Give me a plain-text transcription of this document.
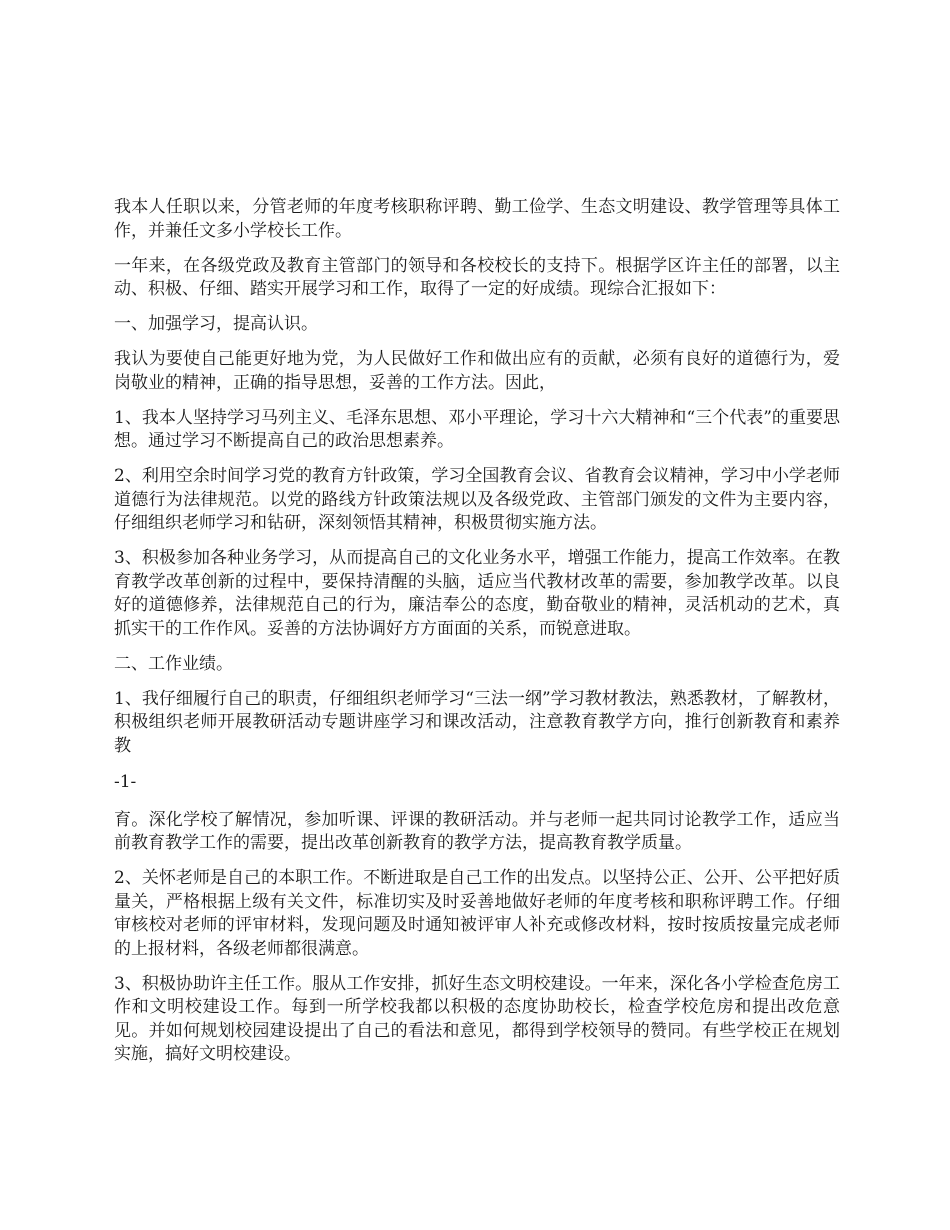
我本人任职以来，分管老师的年度考核职称评聘、勤工俭学、生态文明建设、教学管理等具体工作，并兼任文多小学校长工作。

一年来，在各级党政及教育主管部门的领导和各校校长的支持下。根据学区许主任的部署，以主动、积极、仔细、踏实开展学习和工作，取得了一定的好成绩。现综合汇报如下：

一、加强学习，提高认识。

我认为要使自己能更好地为党，为人民做好工作和做出应有的贡献，必须有良好的道德行为，爱岗敬业的精神，正确的指导思想，妥善的工作方法。因此，

1、我本人坚持学习马列主义、毛泽东思想、邓小平理论，学习十六大精神和“三个代表”的重要思想。通过学习不断提高自己的政治思想素养。

2、利用空余时间学习党的教育方针政策，学习全国教育会议、省教育会议精神，学习中小学老师道德行为法律规范。以党的路线方针政策法规以及各级党政、主管部门颁发的文件为主要内容，仔细组织老师学习和钻研，深刻领悟其精神，积极贯彻实施方法。

3、积极参加各种业务学习，从而提高自己的文化业务水平，增强工作能力，提高工作效率。在教育教学改革创新的过程中，要保持清醒的头脑，适应当代教材改革的需要，参加教学改革。以良好的道德修养，法律规范自己的行为，廉洁奉公的态度，勤奋敬业的精神，灵活机动的艺术，真抓实干的工作作风。妥善的方法协调好方方面面的关系，而锐意进取。

二、工作业绩。

1、我仔细履行自己的职责，仔细组织老师学习“三法一纲”学习教材教法，熟悉教材，了解教材，积极组织老师开展教研活动专题讲座学习和课改活动，注意教育教学方向，推行创新教育和素养教

-1-

育。深化学校了解情况，参加听课、评课的教研活动。并与老师一起共同讨论教学工作，适应当前教育教学工作的需要，提出改革创新教育的教学方法，提高教育教学质量。

2、关怀老师是自己的本职工作。不断进取是自己工作的出发点。以坚持公正、公开、公平把好质量关，严格根据上级有关文件，标准切实及时妥善地做好老师的年度考核和职称评聘工作。仔细审核校对老师的评审材料，发现问题及时通知被评审人补充或修改材料，按时按质按量完成老师的上报材料，各级老师都很满意。

3、积极协助许主任工作。服从工作安排，抓好生态文明校建设。一年来，深化各小学检查危房工作和文明校建设工作。每到一所学校我都以积极的态度协助校长，检查学校危房和提出改危意见。并如何规划校园建设提出了自己的看法和意见，都得到学校领导的赞同。有些学校正在规划实施，搞好文明校建设。
